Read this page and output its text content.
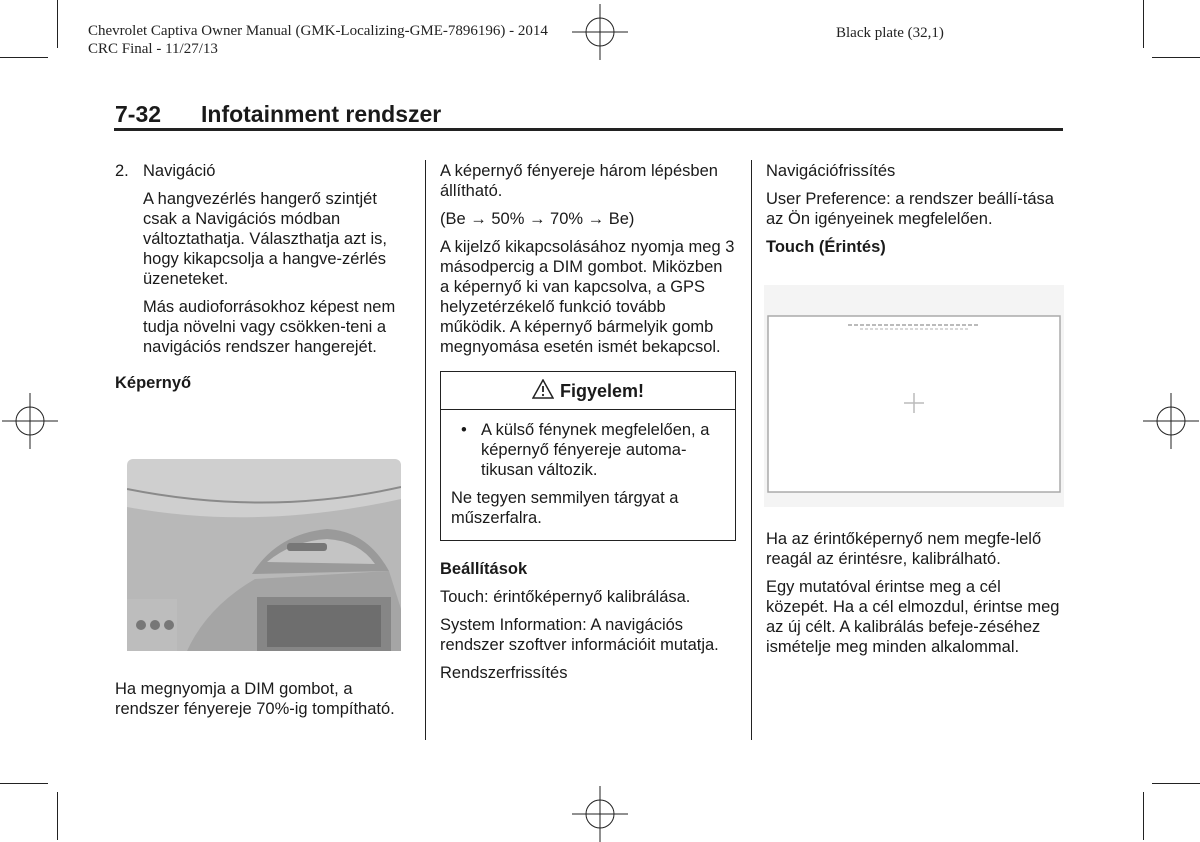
Chevrolet Captiva Owner Manual (GMK-Localizing-GME-7896196) - 2014
CRC Final - 11/27/13
Black plate (32,1)
7-32 Infotainment rendszer

2. Navigáció

A hangvezérlés hangerő szintjét csak a Navigációs módban változtathatja. Választhatja azt is, hogy kikapcsolja a hangve-zérlés üzeneteket.

Más audioforrásokhoz képest nem tudja növelni vagy csökken-teni a navigációs rendszer hangerejét.

Képernyő

Ha megnyomja a DIM gombot, a rendszer fényereje 70%-ig tompítható.

A képernyő fényereje három lépésben állítható.

(Be → 50% → 70% → Be)

A kijelző kikapcsolásához nyomja meg 3 másodpercig a DIM gombot. Miközben a képernyő ki van kapcsolva, a GPS helyzetérzékelő funkció tovább működik. A képernyő bármelyik gomb megnyomása esetén ismét bekapcsol.

Figyelem!
• A külső fénynek megfelelően, a képernyő fényereje automa-tikusan változik.

Ne tegyen semmilyen tárgyat a műszerfalra.

Beállítások

Touch: érintőképernyő kalibrálása.

System Information: A navigációs rendszer szoftver információit mutatja.

Rendszerfrissítés

Navigációfrissítés

User Preference: a rendszer beállí-tása az Ön igényeinek megfelelően.

Touch (Érintés)

Ha az érintőképernyő nem megfe-lelő reagál az érintésre, kalibrálható.

Egy mutatóval érintse meg a cél közepét. Ha a cél elmozdul, érintse meg az új célt. A kalibrálás befeje-zéséhez ismételje meg minden alkalommal.
